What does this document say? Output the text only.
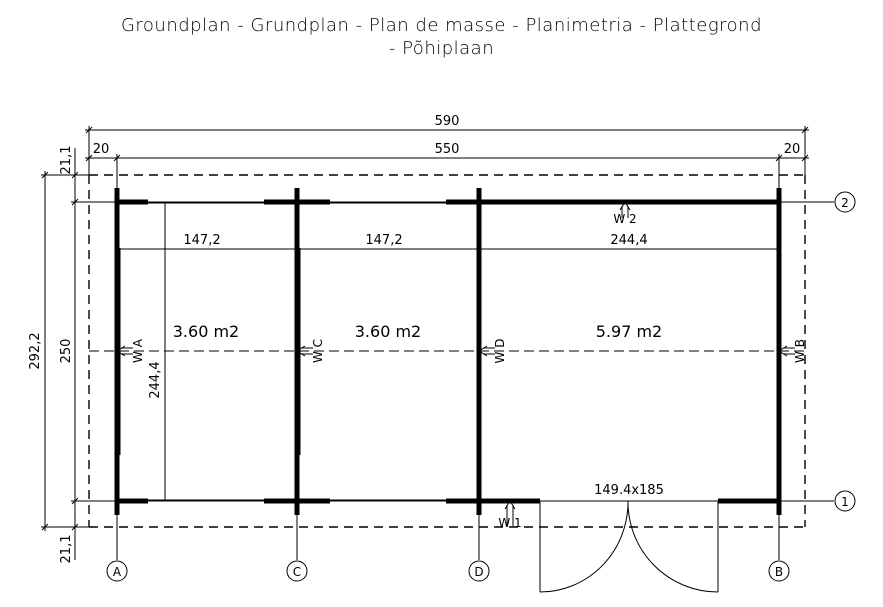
Groundplan - Grundplan - Plan de masse - Planimetria - Plattegrond
- Põhiplaan
A	C	D	B
2
1
W A	W C	W D	W B
W 2
W 1
590
550
20	20
292,2 250
21,1
21,1
244,4
147,2	147,2	244,4
149.4x185
3.60 m2	3.60 m2	5.97 m2
